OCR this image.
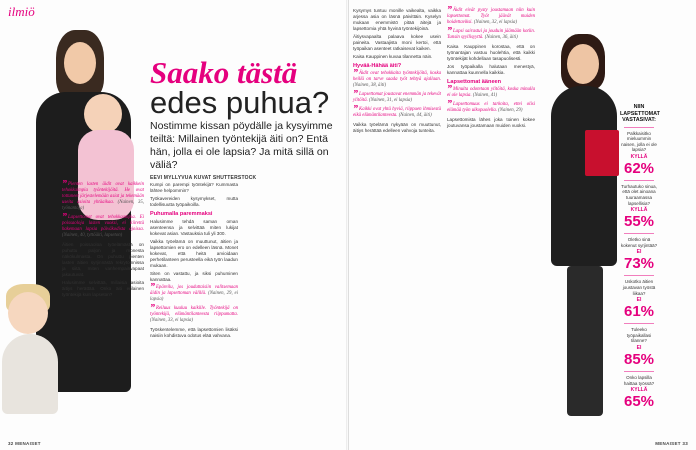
ilmiö
Saako tästä
edes puhua?
Nostimme kissan pöydälle ja kysyimme teiltä: Millainen työntekijä äiti on? Entä hän, jolla ei ole lapsia? Ja mitä sillä on väliä?
EEVI MYLLYVUA KUVAT SHUTTERSTOCK
”Pienten lasten äidit ovat kaikkein tehokkaimpia työntekijöitä. He ovat tottuneet järjestelemään asiat ja tekemään useita asioita yhtäaikaa. (Nainen, 35, työnantaja)
”Lapsettomat ovat tehokkaampia. Ei poissaoloja lasten vuoksi, ei kiirettä hakemaan lapsia päiväkodista ajoissa. (Nainen, 40, tyttöäiti, lapseton)

Äitien poissaoloa työelämästä on puhuttu paljon ja monesta näkökulmasta. On puhuttu pienten lasten äitien syrjinnästä rekrytoinnissa ja siitä, miten vanhempainvapaat jakautuvat.

Halusimme selvittää, millaisia asioita äitiys herättää. Onko äiti erilainen työntekijä kuin lapseton?

Kumpi on parempi työntekijä? Kummasta lähtee helpommin?

Työkavereiden kysymykset, mutta todellisuutta työpaikoilla.

Puhumalla paremmaksi

Halusimme tehdä saman oman asenteensa ja selvittää miten lukijat kokevat asian. Vastauksia tuli yli 300.

Vaikka työelämä on muuttunut, äitien ja lapsettomien ero on edelleen läsnä. Monet kokevat, että heitä arvioidaan perhetilanteen perusteella eikä työn laadun mukaan.

Siten on vastattu, ja siksi puhuminen kannattaa.

”Epäreilu, jos jouduttaisiin valitsemaan äidin ja lapsettoman välillä. (Nainen, 29, ei lapsia)
”Reiluus kuuluu kaikille. Työntekijä on työntekijä, elämäntilanteesta riippumatta. (Nainen, 33, ei lapsia)

Työskentelemme, että lapsettomien lisäksi naisiin kohdistuva odotus elää vahvana.

32 MENAISET

Kysymys tuntuu monille vaikealta, vaikka arjessa asia on läsnä päivittäin. Kyselyn mukaan enemmistö pitää äitejä ja lapsettomia yhtä hyvinä työntekijöinä.

Äitiysvapaalta palaava kokee usein paineita. Vastaajista moni kertoi, että työpaikan asenteet ratkaisevat kaiken.

Kaisa Kauppinen kuvaa tilannetta näin.

Hyvää-Hähää äiti?
”Äidit ovat tehokkaita työntekijöitä, koska heillä on tarve saada työt tehtyä ajallaan. (Nainen, 38, äiti)
”Lapsettomat joustavat enemmän ja tekevät ylitöitä. (Nainen, 31, ei lapsia)
”Kaikki ovat yhtä hyviä, riippuen ihmisestä eikä elämäntilanteesta. (Nainen, 44, äiti)

Vaikka työelämä nykyään on muuttunut, äitiys herättää edelleen vahvoja tunteita.

”Äidit eivät pysty joustamaan niin kuin lapsettomat. Työt jäävät muiden hoidettaviksi. (Nainen, 32, ei lapsia)
”Lapsi sairastui ja jouduin jäämään kotiin. Tunsin syyllisyyttä. (Nainen, 36, äiti)

Kaisa Kauppinen korostaa, että on työnantajan vastuu huolehtia, että kaikki työntekijät kohdellaan tasapuolisesti.

Jos työpaikalla halutaan menestyä, kannattaa kuunnella kaikkia.

Lapsettomat ääneen
”Minulta odotetaan ylitöitä, koska minulla ei ole lapsia. (Nainen, 41)
”Lapsettomuus ei tarkoita, ettei olisi elämää työn ulkopuolella. (Nainen, 29)

Lapsettomista lähes joka toinen kokee joutuvansa joustamaan muiden vuoksi.

NIIN LAPSETTOMAT VASTASIVAT:
Palkkaisitko mieluummin naisen, jolla ei ole lapsia?
KYLLÄ
62%
Turhautuko sinua, että olet ainoana tuuraamassa lapsellisia?
KYLLÄ
55%
Oletko sinä kokenut syrjintää?
EI
73%
Uskotko äitien joustavan työstä liikaa?
EI
61%
Tuleeko työpaikallasi tilanne?
EI
85%
Onko lapsilla haittaa työssä?
KYLLÄ
65%
MENAISET 33
